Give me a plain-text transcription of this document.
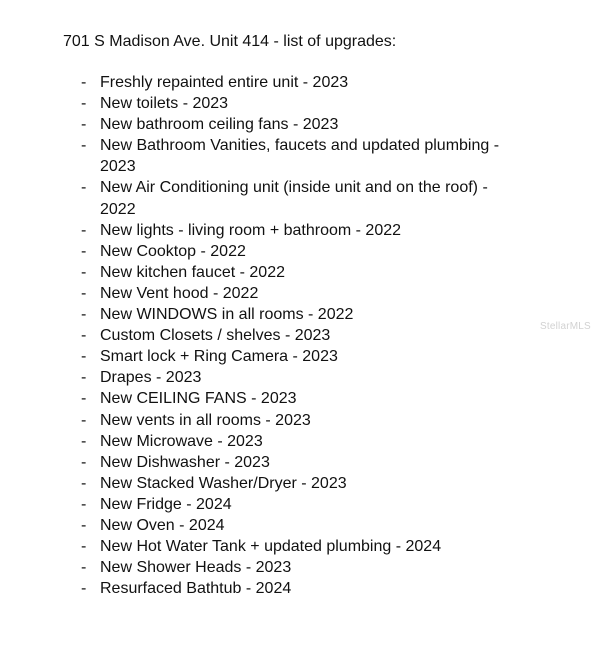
701 S Madison Ave. Unit 414 - list of upgrades:
- Freshly repainted entire unit - 2023
- New toilets - 2023
- New bathroom ceiling fans - 2023
- New Bathroom Vanities, faucets and updated plumbing - 2023
- New Air Conditioning unit (inside unit and on the roof) - 2022
- New lights - living room + bathroom - 2022
- New Cooktop - 2022
- New kitchen faucet - 2022
- New Vent hood - 2022
- New WINDOWS in all rooms - 2022
- Custom Closets / shelves - 2023
- Smart lock + Ring Camera - 2023
- Drapes - 2023
- New CEILING FANS - 2023
- New vents in all rooms - 2023
- New Microwave - 2023
- New Dishwasher - 2023
- New Stacked Washer/Dryer - 2023
- New Fridge - 2024
- New Oven - 2024
- New Hot Water Tank + updated plumbing - 2024
- New Shower Heads - 2023
- Resurfaced Bathtub - 2024
StellarMLS
